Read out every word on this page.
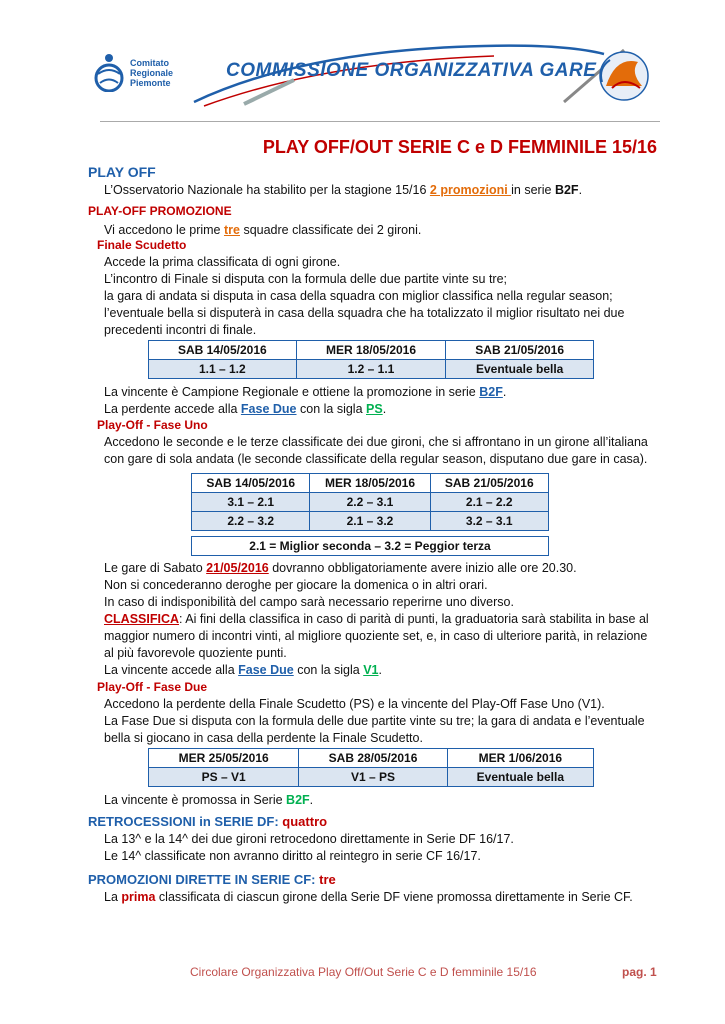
Comitato
Regionale
Piemonte
COMMISSIONE ORGANIZZATIVA GARE
PLAY OFF/OUT SERIE C e D FEMMINILE 15/16
PLAY OFF
L’Osservatorio Nazionale ha stabilito per la stagione 15/16 2 promozioni in serie B2F.
PLAY-OFF PROMOZIONE
Vi accedono le prime tre squadre classificate dei 2 gironi.
Finale Scudetto
Accede la prima classificata di ogni girone.
L’incontro di Finale si disputa con la formula delle due partite vinte su tre;
la gara di andata si disputa in casa della squadra con miglior classifica nella regular season;
l’eventuale bella si disputerà in casa della squadra che ha totalizzato il miglior risultato nei due
precedenti incontri di finale.
SAB 14/05/2016	MER 18/05/2016	SAB 21/05/2016
1.1 – 1.2	1.2 – 1.1	Eventuale bella
La vincente è Campione Regionale e ottiene la promozione in serie B2F.
La perdente accede alla Fase Due con la sigla PS.
Play-Off - Fase Uno
Accedono le seconde e le terze classificate dei due gironi, che si affrontano in un girone all’italiana
con gare di sola andata (le seconde classificate della regular season, disputano due gare in casa).
SAB 14/05/2016	MER 18/05/2016	SAB 21/05/2016
3.1 – 2.1	2.2 – 3.1	2.1 – 2.2
2.2 – 3.2	2.1 – 3.2	3.2 – 3.1
2.1 = Miglior seconda – 3.2 = Peggior terza
Le gare di Sabato 21/05/2016 dovranno obbligatoriamente avere inizio alle ore 20.30.
Non si concederanno deroghe per giocare la domenica o in altri orari.
In caso di indisponibilità del campo sarà necessario reperirne uno diverso.
CLASSIFICA: Ai fini della classifica in caso di parità di punti, la graduatoria sarà stabilita in base al
maggior numero di incontri vinti, al migliore quoziente set, e, in caso di ulteriore parità, in relazione
al più favorevole quoziente punti.
La vincente accede alla Fase Due con la sigla V1.
Play-Off - Fase Due
Accedono la perdente della Finale Scudetto (PS) e la vincente del Play-Off Fase Uno (V1).
La Fase Due si disputa con la formula delle due partite vinte su tre; la gara di andata e l’eventuale
bella si giocano in casa della perdente la Finale Scudetto.
MER 25/05/2016	SAB 28/05/2016	MER 1/06/2016
PS – V1	V1 – PS	Eventuale bella
La vincente è promossa in Serie B2F.
RETROCESSIONI in SERIE DF: quattro
La 13^ e la 14^ dei due gironi retrocedono direttamente in Serie DF 16/17.
Le 14^ classificate non avranno diritto al reintegro in serie CF 16/17.
PROMOZIONI DIRETTE IN SERIE CF: tre
La prima classificata di ciascun girone della Serie DF viene promossa direttamente in Serie CF.
Circolare Organizzativa Play Off/Out Serie C e D femminile 15/16	pag. 1
